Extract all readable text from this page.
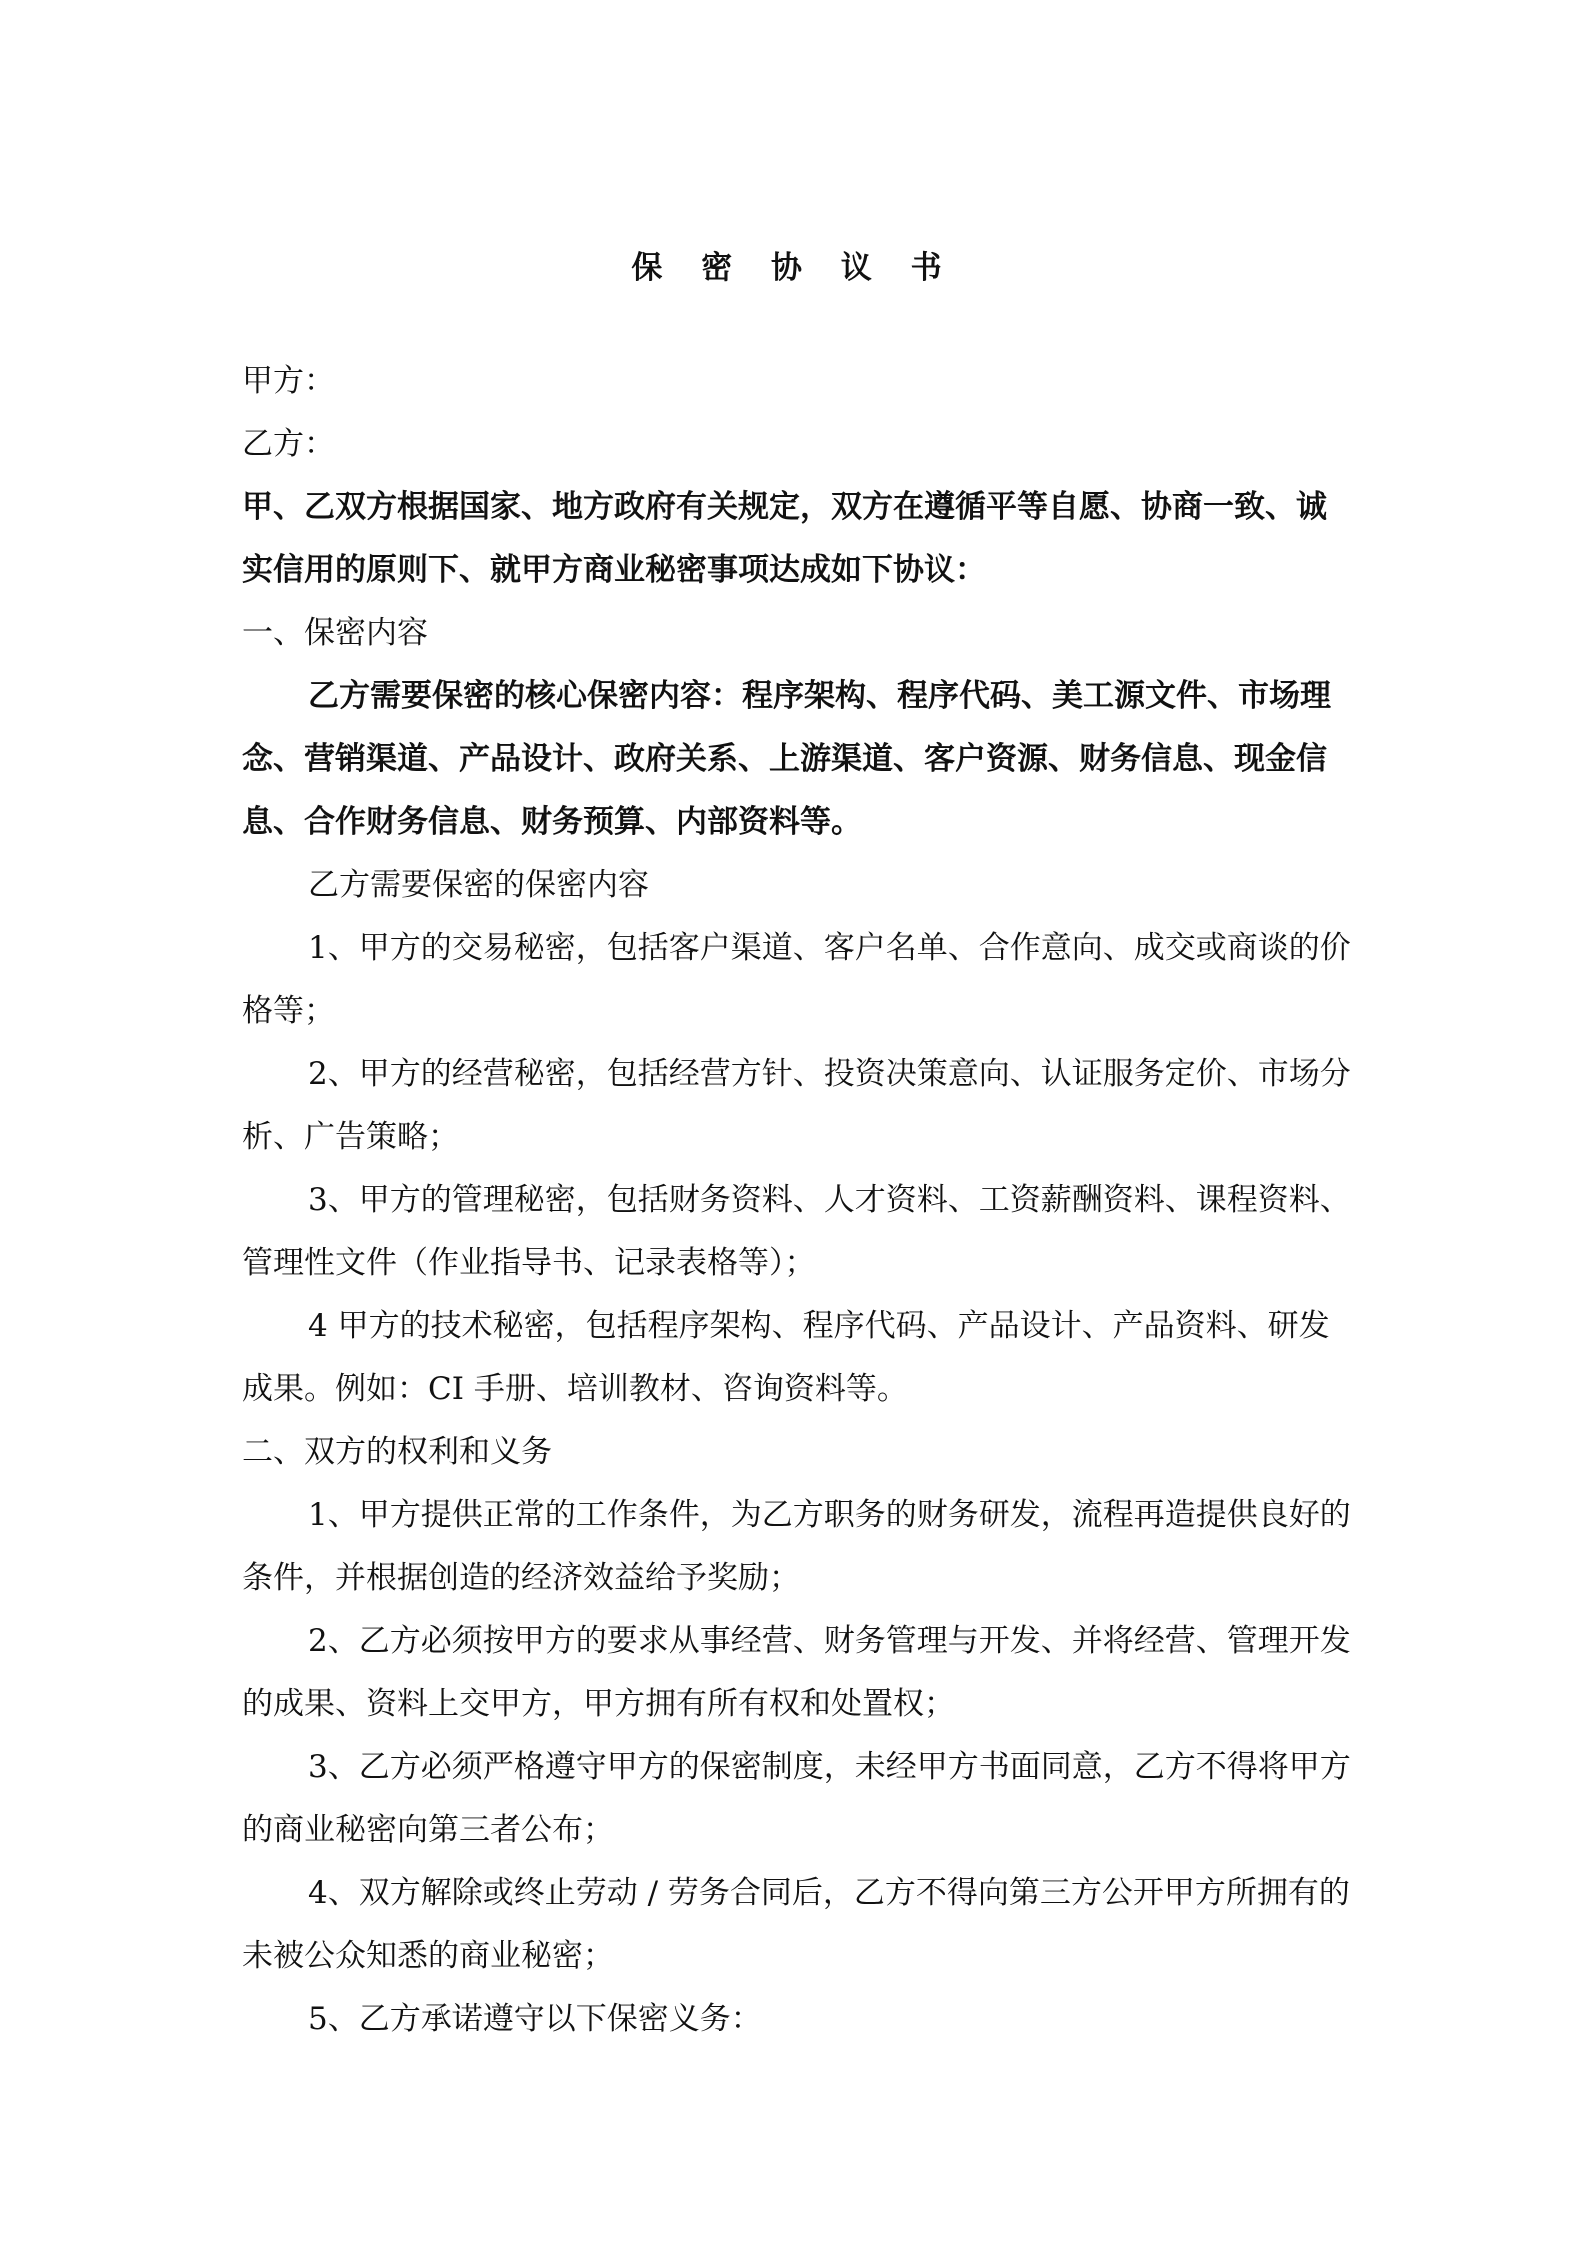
保 密 协 议 书

甲方：

乙方：

甲、乙双方根据国家、地方政府有关规定，双方在遵循平等自愿、协商一致、诚实信用的原则下、就甲方商业秘密事项达成如下协议：

一、保密内容

乙方需要保密的核心保密内容：程序架构、程序代码、美工源文件、市场理念、营销渠道、产品设计、政府关系、上游渠道、客户资源、财务信息、现金信息、合作财务信息、财务预算、内部资料等。

乙方需要保密的保密内容

1、甲方的交易秘密，包括客户渠道、客户名单、合作意向、成交或商谈的价格等；

2、甲方的经营秘密，包括经营方针、投资决策意向、认证服务定价、市场分析、广告策略；

3、甲方的管理秘密，包括财务资料、人才资料、工资薪酬资料、课程资料、管理性文件（作业指导书、记录表格等）；

4 甲方的技术秘密，包括程序架构、程序代码、产品设计、产品资料、研发成果。例如：CI 手册、培训教材、咨询资料等。

二、双方的权利和义务

1、甲方提供正常的工作条件，为乙方职务的财务研发，流程再造提供良好的条件，并根据创造的经济效益给予奖励；

2、乙方必须按甲方的要求从事经营、财务管理与开发、并将经营、管理开发的成果、资料上交甲方，甲方拥有所有权和处置权；

3、乙方必须严格遵守甲方的保密制度，未经甲方书面同意，乙方不得将甲方的商业秘密向第三者公布；

4、双方解除或终止劳动 / 劳务合同后，乙方不得向第三方公开甲方所拥有的未被公众知悉的商业秘密；

5、乙方承诺遵守以下保密义务：
